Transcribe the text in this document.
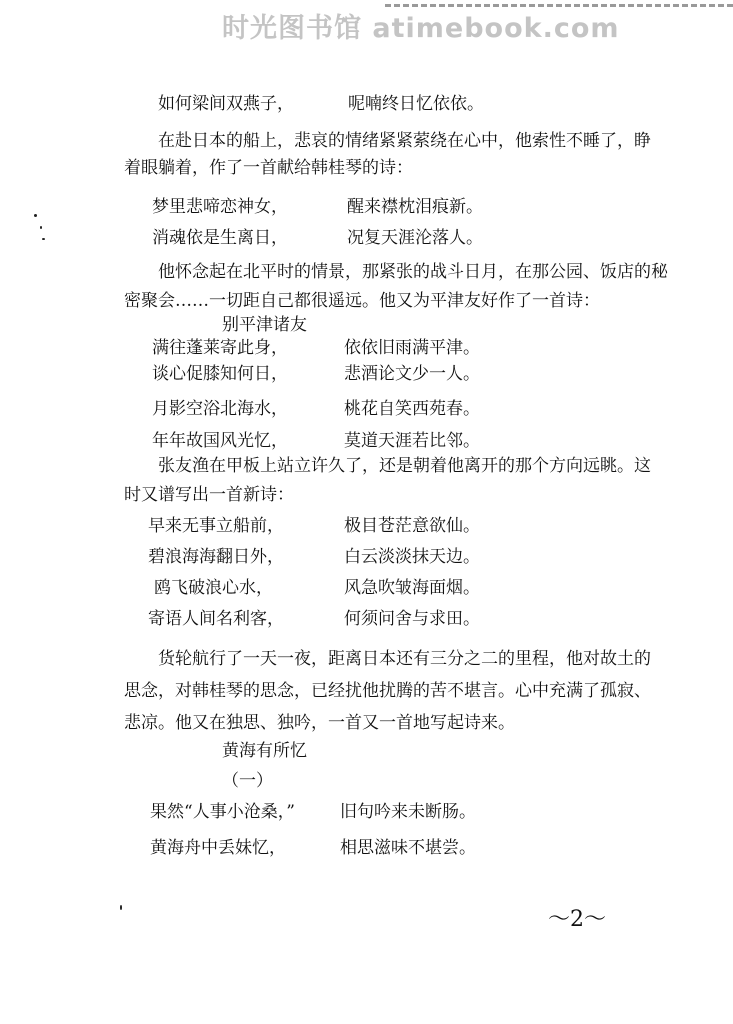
时光图书馆 atimebook.com
如何梁间双燕子，	呢喃终日忆依依。
　　在赴日本的船上，悲哀的情绪紧紧萦绕在心中，他索性不睡了，睁
着眼躺着，作了一首献给韩桂琴的诗：
梦里悲啼恋神女，	醒来襟枕泪痕新。
消魂依是生离日，	况复天涯沦落人。
　　他怀念起在北平时的情景，那紧张的战斗日月，在那公园、饭店的秘
密聚会……一切距自己都很遥远。他又为平津友好作了一首诗：
别平津诸友
满往蓬莱寄此身，	依依旧雨满平津。
谈心促膝知何日，	悲酒论文少一人。
月影空浴北海水，	桃花自笑西苑春。
年年故国风光忆，	莫道天涯若比邻。
　　张友渔在甲板上站立许久了，还是朝着他离开的那个方向远眺。这
时又谱写出一首新诗：
早来无事立船前，	极目苍茫意欲仙。
碧浪海海翻日外，	白云淡淡抹天边。
鸥飞破浪心水，	风急吹皱海面烟。
寄语人间名利客，	何须问舍与求田。
　　货轮航行了一天一夜，距离日本还有三分之二的里程，他对故土的
思念，对韩桂琴的思念，已经扰他扰腾的苦不堪言。心中充满了孤寂、
悲凉。他又在独思、独吟，一首又一首地写起诗来。
黄海有所忆
（一）
果然“人事小沧桑，”	旧句吟来未断肠。
黄海舟中丢妹忆，	相思滋味不堪尝。
～2～
